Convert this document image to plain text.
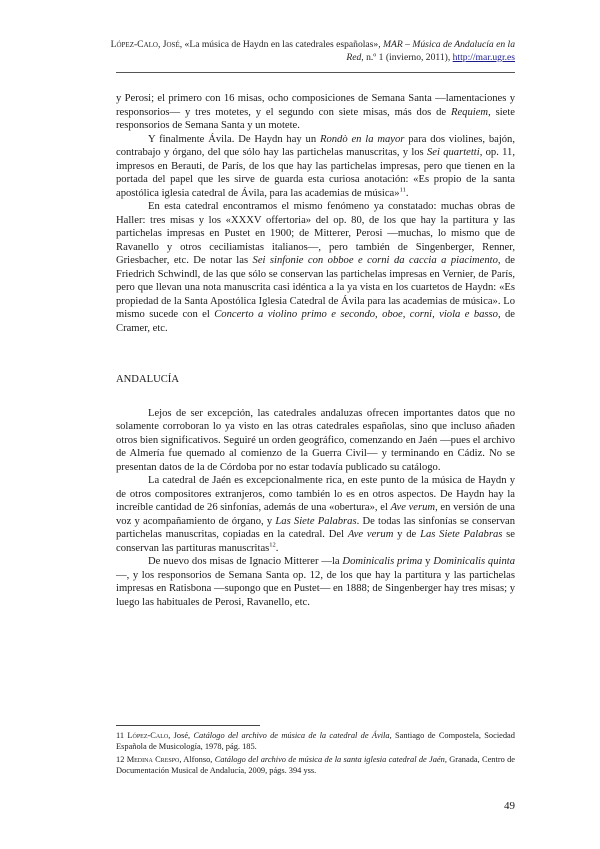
López-Calo, José, «La música de Haydn en las catedrales españolas», MAR – Música de Andalucía en la Red, n.º 1 (invierno, 2011), http://mar.ugr.es

y Perosi; el primero con 16 misas, ocho composiciones de Semana Santa —lamentaciones y responsorios— y tres motetes, y el segundo con siete misas, más dos de Requiem, siete responsorios de Semana Santa y un motete.

Y finalmente Ávila. De Haydn hay un Rondò en la mayor para dos violines, bajón, contrabajo y órgano, del que sólo hay las partichelas manuscritas, y los Sei quartetti, op. 11, impresos en Berauti, de París, de los que hay las partichelas impresas, pero que tienen en la portada del papel que les sirve de guarda esta curiosa anotación: «Es propio de la santa apostólica iglesia catedral de Ávila, para las academias de música»$^{11}$.

En esta catedral encontramos el mismo fenómeno ya constatado: muchas obras de Haller: tres misas y los «XXXV offertoria» del op. 80, de los que hay la partitura y las partichelas impresas en Pustet en 1900; de Mitterer, Perosi —muchas, lo mismo que de Ravanello y otros ceciliamistas italianos—, pero también de Singenberger, Renner, Griesbacher, etc. De notar las Sei sinfonie con obboe e corni da caccia a piacimento, de Friedrich Schwindl, de las que sólo se conservan las partichelas impresas en Vernier, de París, pero que llevan una nota manuscrita casi idéntica a la ya vista en los cuartetos de Haydn: «Es propiedad de la Santa Apostólica Iglesia Catedral de Ávila para las academias de música». Lo mismo sucede con el Concerto a violino primo e secondo, oboe, corni, viola e basso, de Cramer, etc.

ANDALUCÍA

Lejos de ser excepción, las catedrales andaluzas ofrecen importantes datos que no solamente corroboran lo ya visto en las otras catedrales españolas, sino que incluso añaden otros bien significativos. Seguiré un orden geográfico, comenzando en Jaén —pues el archivo de Almería fue quemado al comienzo de la Guerra Civil— y terminando en Cádiz. No se presentan datos de la de Córdoba por no estar todavía publicado su catálogo.

La catedral de Jaén es excepcionalmente rica, en este punto de la música de Haydn y de otros compositores extranjeros, como también lo es en otros aspectos. De Haydn hay la increíble cantidad de 26 sinfonías, además de una «obertura», el Ave verum, en versión de una voz y acompañamiento de órgano, y Las Siete Palabras. De todas las sinfonías se conservan partichelas manuscritas, copiadas en la catedral. Del Ave verum y de Las Siete Palabras se conservan las partituras manuscritas$^{12}$.

De nuevo dos misas de Ignacio Mitterer —la Dominicalis prima y Dominicalis quinta—, y los responsorios de Semana Santa op. 12, de los que hay la partitura y las partichelas impresas en Ratisbona —supongo que en Pustet— en 1888; de Singenberger hay tres misas; y luego las habituales de Perosi, Ravanello, etc.

11 López-Calo, José, Catálogo del archivo de música de la catedral de Ávila, Santiago de Compostela, Sociedad Española de Musicología, 1978, pág. 185.

12 Medina Crespo, Alfonso, Catálogo del archivo de música de la santa iglesia catedral de Jaén, Granada, Centro de Documentación Musical de Andalucía, 2009, págs. 394 yss.

49
